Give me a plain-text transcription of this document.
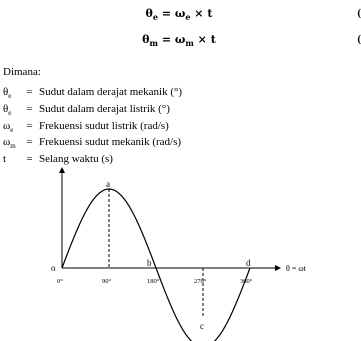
$\theta_e = \omega_e \times t$	(
$\theta_m = \omega_m \times t$	(
Dimana:
$\theta_e$	= Sudut dalam derajat mekanik (°)
$\theta_e$	= Sudut dalam derajat listrik (°)
$\omega_e$	= Frekuensi sudut listrik (rad/s)
$\omega_m$ = Frekuensi sudut mekanik (rad/s)
t	= Selang waktu (s)
a
o	b	d
c
0°	90°	180°	270°	360°
θ = ωt
